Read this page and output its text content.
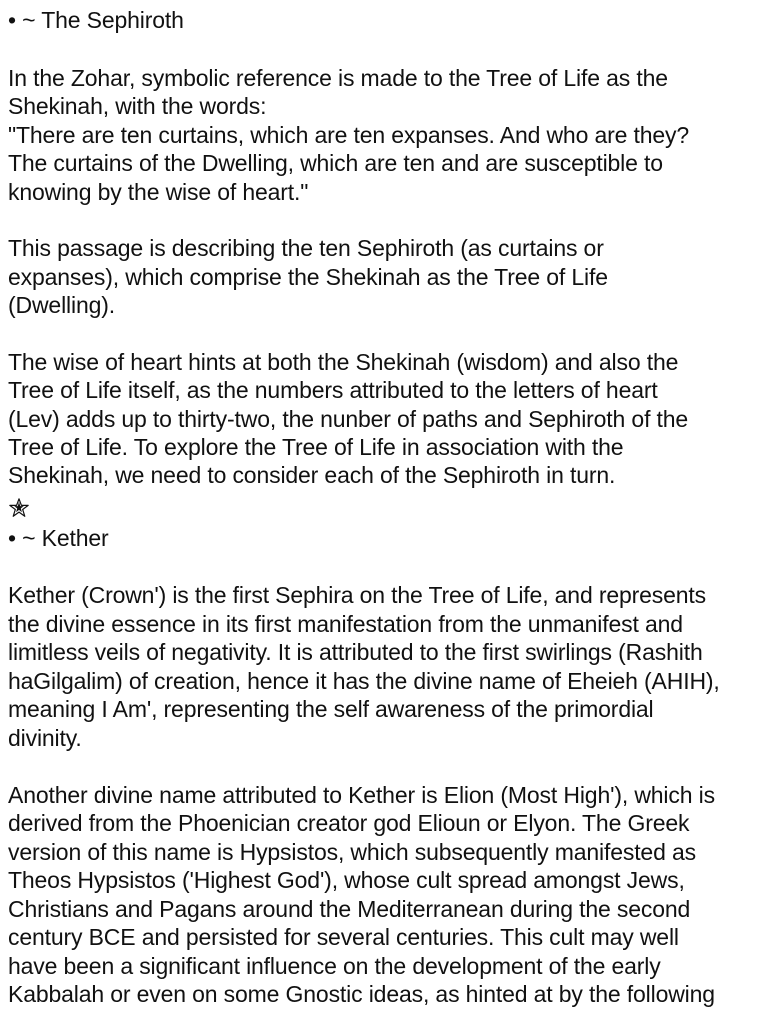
• ~ The Sephiroth
In the Zohar, symbolic reference is made to the Tree of Life as the
Shekinah, with the words:
"There are ten curtains, which are ten expanses. And who are they?
The curtains of the Dwelling, which are ten and are susceptible to
knowing by the wise of heart."
This passage is describing the ten Sephiroth (as curtains or
expanses), which comprise the Shekinah as the Tree of Life
(Dwelling).
The wise of heart hints at both the Shekinah (wisdom) and also the
Tree of Life itself, as the numbers attributed to the letters of heart
(Lev) adds up to thirty-two, the nunber of paths and Sephiroth of the
Tree of Life. To explore the Tree of Life in association with the
Shekinah, we need to consider each of the Sephiroth in turn.
• ~ Kether
Kether (Crown') is the first Sephira on the Tree of Life, and represents
the divine essence in its first manifestation from the unmanifest and
limitless veils of negativity. It is attributed to the first swirlings (Rashith
haGilgalim) of creation, hence it has the divine name of Eheieh (AHIH),
meaning I Am', representing the self awareness of the primordial
divinity.
Another divine name attributed to Kether is Elion (Most High'), which is
derived from the Phoenician creator god Elioun or Elyon. The Greek
version of this name is Hypsistos, which subsequently manifested as
Theos Hypsistos ('Highest God'), whose cult spread amongst Jews,
Christians and Pagans around the Mediterranean during the second
century BCE and persisted for several centuries. This cult may well
have been a significant influence on the development of the early
Kabbalah or even on some Gnostic ideas, as hinted at by the following
